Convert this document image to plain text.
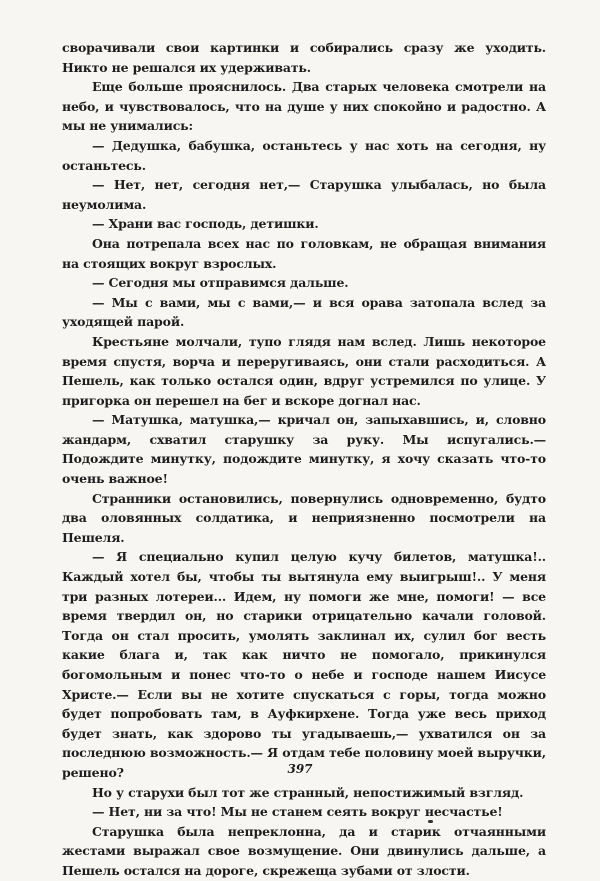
сворачивали свои картинки и собирались сразу же уходить. Никто не решался их удерживать.

Еще больше прояснилось. Два старых человека смотрели на небо, и чувствовалось, что на душе у них спокойно и радостно. А мы не унимались:

— Дедушка, бабушка, останьтесь у нас хоть на сегодня, ну останьтесь.

— Нет, нет, сегодня нет,— Старушка улыбалась, но была неумолима.

— Храни вас господь, детишки.

Она потрепала всех нас по головкам, не обращая внимания на стоящих вокруг взрослых.

— Сегодня мы отправимся дальше.

— Мы с вами, мы с вами,— и вся орава затопала вслед за уходящей парой.

Крестьяне молчали, тупо глядя нам вслед. Лишь некоторое время спустя, ворча и переругиваясь, они стали расходиться. А Пешель, как только остался один, вдруг устремился по улице. У пригорка он перешел на бег и вскоре догнал нас.

— Матушка, матушка,— кричал он, запыхавшись, и, словно жандарм, схватил старушку за руку. Мы испугались.— Подождите минутку, подождите минутку, я хочу сказать что-то очень важное!

Странники остановились, повернулись одновременно, будто два оловянных солдатика, и неприязненно посмотрели на Пешеля.

— Я специально купил целую кучу билетов, матушка!.. Каждый хотел бы, чтобы ты вытянула ему выигрыш!.. У меня три разных лотереи... Идем, ну помоги же мне, помоги! — все время твердил он, но старики отрицательно качали головой. Тогда он стал просить, умолять заклинал их, сулил бог весть какие блага и, так как ничто не помогало, прикинулся богомольным и понес что-то о небе и господе нашем Иисусе Христе.— Если вы не хотите спускаться с горы, тогда можно будет попробовать там, в Ауфкирхене. Тогда уже весь приход будет знать, как здорово ты угадываешь,— ухватился он за последнюю возможность.— Я отдам тебе половину моей выручки, решено?

Но у старухи был тот же странный, непостижимый взгляд.

— Нет, ни за что! Мы не станем сеять вокруг несчастье!

Старушка была непреклонна, да и старик отчаянными жестами выражал свое возмущение. Они двинулись дальше, а Пешель остался на дороге, скрежеща зубами от злости.

397
